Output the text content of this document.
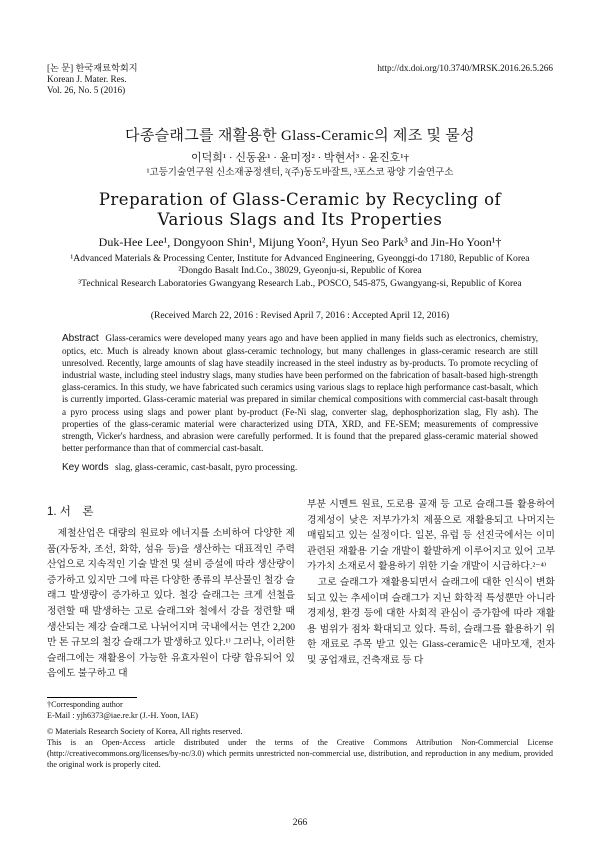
[논 문] 한국재료학회지
Korean J. Mater. Res.
Vol. 26, No. 5 (2016)
http://dx.doi.org/10.3740/MRSK.2016.26.5.266
다종슬래그를 재활용한 Glass-Ceramic의 제조 및 물성
이덕희¹ · 신동윤¹ · 윤미정² · 박현서³ · 윤진호¹†
¹고등기술연구원 신소재공정센터, ²(주)동도바잘트, ³포스코 광양 기술연구소
Preparation of Glass-Ceramic by Recycling of
Various Slags and Its Properties
Duk-Hee Lee¹, Dongyoon Shin¹, Mijung Yoon², Hyun Seo Park³ and Jin-Ho Yoon¹†
¹Advanced Materials & Processing Center, Institute for Advanced Engineering, Gyeonggi-do 17180, Republic of Korea
²Dongdo Basalt Ind.Co., 38029, Gyeonju-si, Republic of Korea
³Technical Research Laboratories Gwangyang Research Lab., POSCO, 545-875, Gwangyang-si, Republic of Korea
(Received March 22, 2016 : Revised April 7, 2016 : Accepted April 12, 2016)
Abstract Glass-ceramics were developed many years ago and have been applied in many fields such as electronics, chemistry, optics, etc. Much is already known about glass-ceramic technology, but many challenges in glass-ceramic research are still unresolved. Recently, large amounts of slag have steadily increased in the steel industry as by-products. To promote recycling of industrial waste, including steel industry slags, many studies have been performed on the fabrication of basalt-based high-strength glass-ceramics. In this study, we have fabricated such ceramics using various slags to replace high performance cast-basalt, which is currently imported. Glass-ceramic material was prepared in similar chemical compositions with commercial cast-basalt through a pyro process using slags and power plant by-product (Fe-Ni slag, converter slag, dephosphorization slag, Fly ash). The properties of the glass-ceramic material were characterized using DTA, XRD, and FE-SEM; measurements of compressive strength, Vicker's hardness, and abrasion were carefully performed. It is found that the prepared glass-ceramic material showed better performance than that of commercial cast-basalt.
Key words slag, glass-ceramic, cast-basalt, pyro processing.
1. 서　론

　제철산업은 대량의 원료와 에너지를 소비하여 다양한 제품(자동차, 조선, 화학, 섬유 등)을 생산하는 대표적인 주력산업으로 지속적인 기술 발전 및 설비 증설에 따라 생산량이 증가하고 있지만 그에 따른 다양한 종류의 부산물인 철강 슬래그 발생량이 증가하고 있다. 철강 슬래그는 크게 선철을 정련할 때 발생하는 고로 슬래그와 철에서 강을 정련할 때 생산되는 제강 슬래그로 나뉘어지며 국내에서는 연간 2,200만 톤 규모의 철강 슬래그가 발생하고 있다.¹⁾ 그러나, 이러한 슬래그에는 재활용이 가능한 유효자원이 다량 함유되어 있음에도 불구하고 대

부분 시멘트 원료, 도로용 골재 등 고로 슬래그를 활용하여 경제성이 낮은 저부가가치 제품으로 재활용되고 나머지는 매립되고 있는 실정이다. 일본, 유럽 등 선진국에서는 이미 관련된 재활용 기술 개발이 활발하게 이루어지고 있어 고부가가치 소재로서 활용하기 위한 기술 개발이 시급하다.²⁻⁴⁾

　고로 슬래그가 재활용되면서 슬래그에 대한 인식이 변화되고 있는 추세이며 슬래그가 지닌 화학적 특성뿐만 아니라 경제성, 환경 등에 대한 사회적 관심이 증가함에 따라 재활용 범위가 점차 확대되고 있다. 특히, 슬래그를 활용하기 위한 재료로 주목 받고 있는 Glass-ceramic은 내마모재, 전자 및 공업재료, 건축재료 등 다

†Corresponding author
E-Mail : yjh6373@iae.re.kr (J.-H. Yoon, IAE)
© Materials Research Society of Korea, All rights reserved.
This is an Open-Access article distributed under the terms of the Creative Commons Attribution Non-Commercial License (http://creativecommons.org/licenses/by-nc/3.0) which permits unrestricted non-commercial use, distribution, and reproduction in any medium, provided the original work is properly cited.
266
